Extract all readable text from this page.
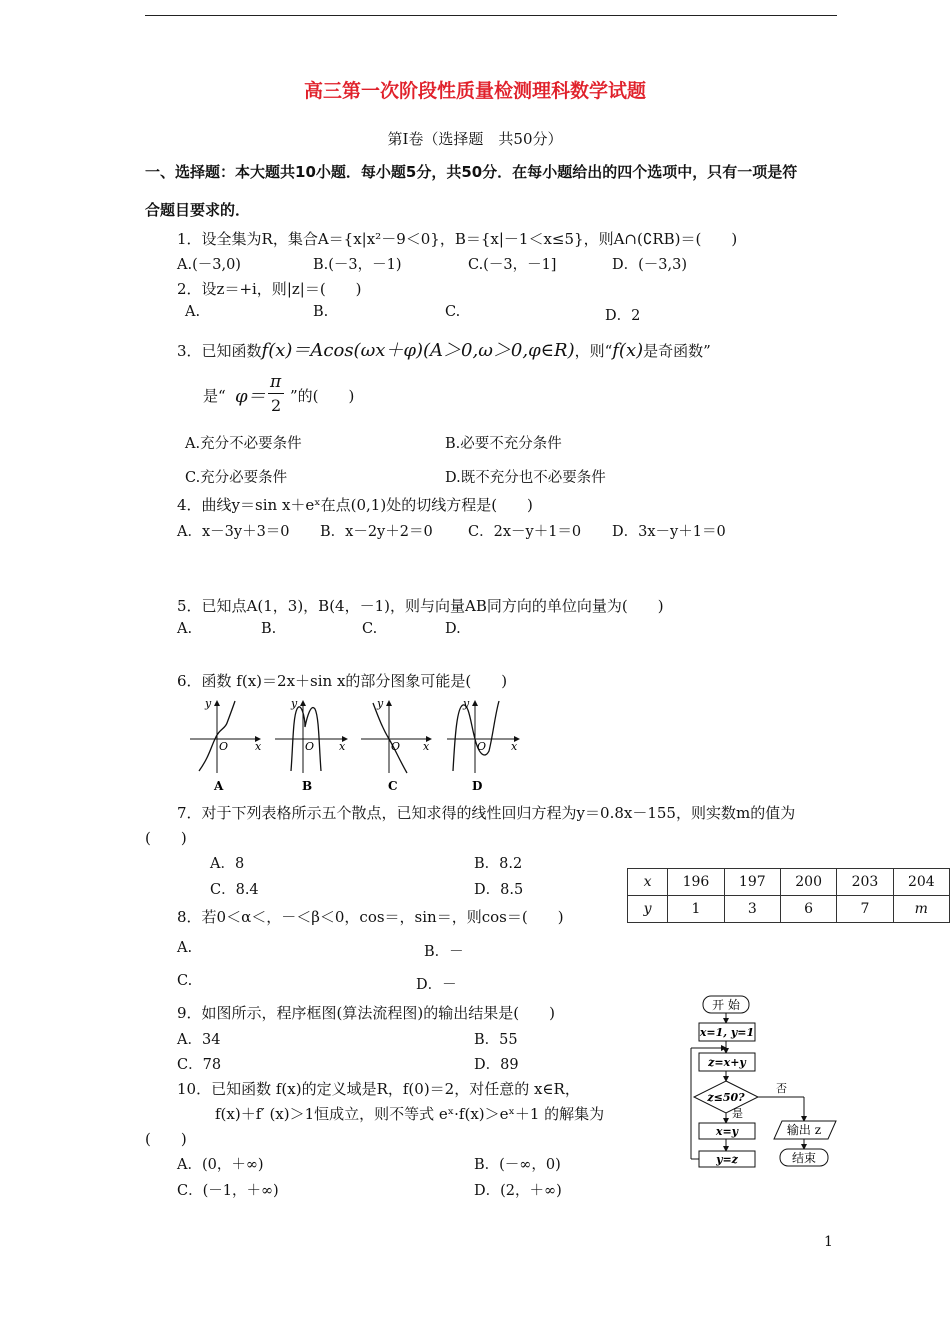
高三第一次阶段性质量检测理科数学试题
第Ⅰ卷（选择题　共50分）
一、选择题：本大题共10小题．每小题5分，共50分．在每小题给出的四个选项中，只有一项是符
合题目要求的．
1．设全集为R，集合A＝{x|x²－9＜0}，B＝{x|－1＜x≤5}，则A∩(∁RB)＝(　　)
A.(－3,0)	B.(－3，－1)	C.(－3，－1]	D．(－3,3)
2．设z＝+i，则|z|＝(　　)
A.	B.	C.	D．2
3．已知函数f(x)＝Acos(ωx＋φ)(A＞0,ω＞0,φ∈R)，则“f(x)是奇函数”
是“ φ＝
π
2 ”的(　　)
A.充分不必要条件	B.必要不充分条件
C.充分必要条件	D.既不充分也不必要条件
4．曲线y＝sin x＋eˣ在点(0,1)处的切线方程是(　　)
A．x－3y＋3＝0 B．x－2y＋2＝0 C．2x－y＋1＝0 D．3x－y＋1＝0
5．已知点A(1，3)，B(4，－1)，则与向量AB同方向的单位向量为(　　)
A.	B.	C.	D.
6．函数 f(x)＝2x＋sin x的部分图象可能是(　　)
y
O x
A
y
O x
B
y
O x
C
y
O x
D
7．对于下列表格所示五个散点，已知求得的线性回归方程为y＝0.8x－155，则实数m的值为
(　　)
A．8	B．8.2
C．8.4	D．8.5	x	196	197	200	203	204
y	1	3	6	7	m
8．若0＜α＜，－＜β＜0，cos＝，sin＝，则cos＝(　　)
A.	B．－
C.	D．－
9．如图所示，程序框图(算法流程图)的输出结果是(　　)
A．34	B．55
C．78	D．89
开 始
x=1, y=1
z=x+y
z≤50?
否
是
x=y
y=z
输出 z
结束
10．已知函数 f(x)的定义域是R，f(0)＝2，对任意的 x∈R，
f(x)＋f′ (x)＞1恒成立，则不等式 eˣ·f(x)＞eˣ＋1 的解集为
(　　)
A．(0，＋∞)	B．(－∞，0)
C．(－1，＋∞)	D．(2，＋∞)
1
